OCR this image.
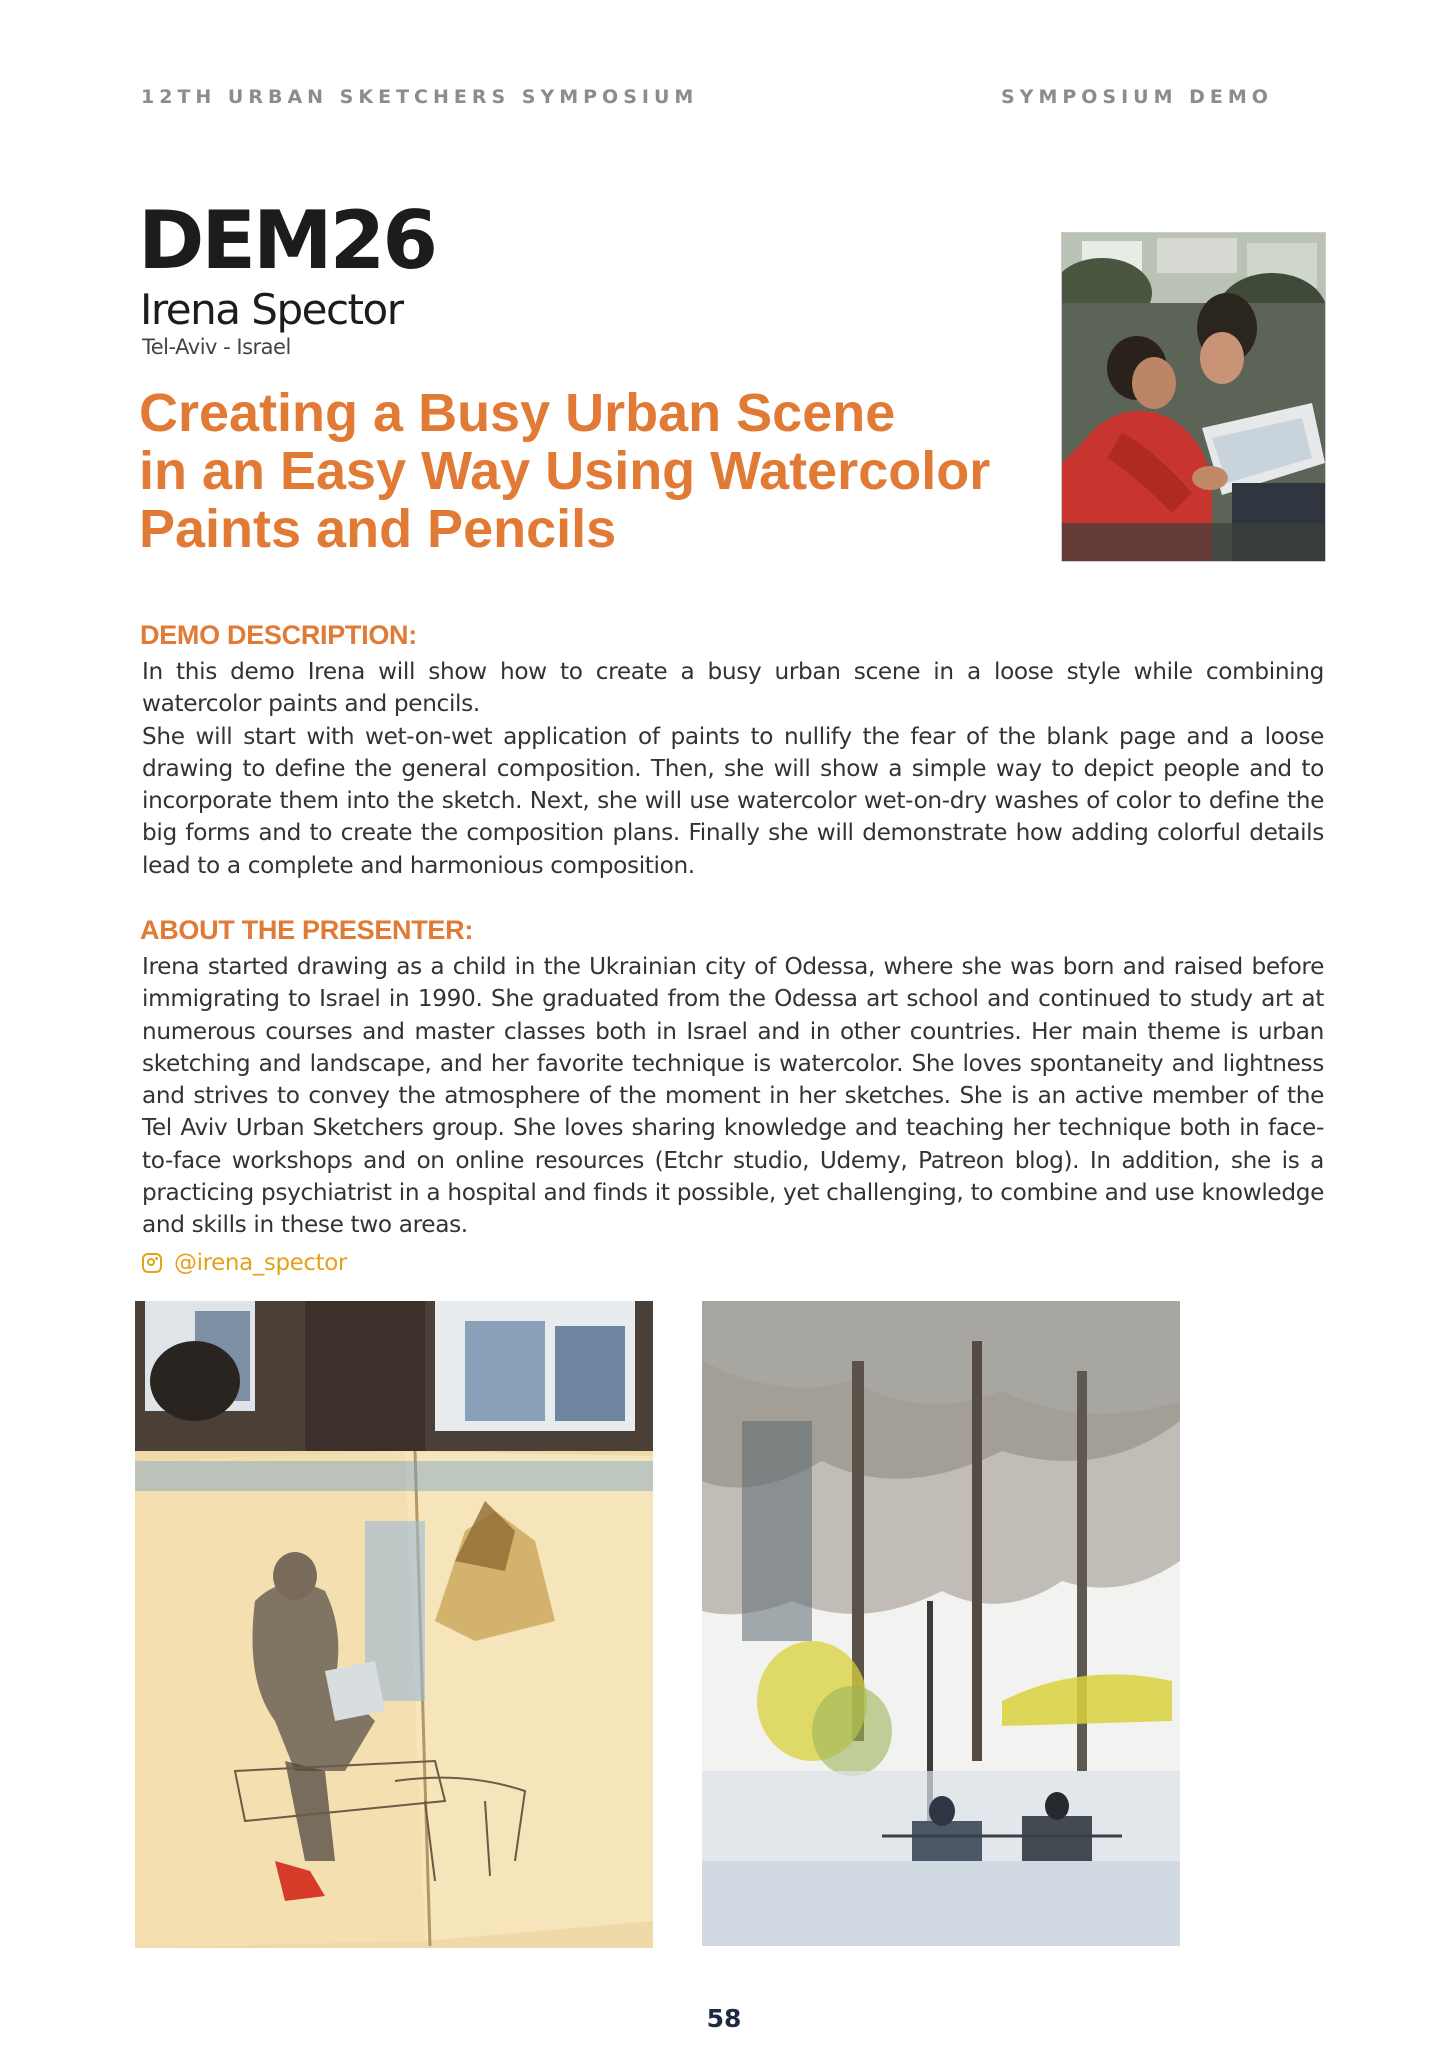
12TH URBAN SKETCHERS SYMPOSIUM	SYMPOSIUM DEMO
DEM26
Irena Spector
Tel-Aviv - Israel
Creating a Busy Urban Scene
in an Easy Way Using Watercolor
Paints and Pencils
DEMO DESCRIPTION:

In this demo Irena will show how to create a busy urban scene in a loose style while combining watercolor paints and pencils.

She will start with wet-on-wet application of paints to nullify the fear of the blank page and a loose drawing to define the general composition. Then, she will show a simple way to depict people and to incorporate them into the sketch. Next, she will use watercolor wet-on-dry washes of color to define the big forms and to create the composition plans. Finally she will demonstrate how adding colorful details lead to a complete and harmonious composition.

ABOUT THE PRESENTER:

Irena started drawing as a child in the Ukrainian city of Odessa, where she was born and raised before immigrating to Israel in 1990. She graduated from the Odessa art school and continued to study art at numerous courses and master classes both in Israel and in other countries. Her main theme is urban sketching and landscape, and her favorite technique is watercolor. She loves spontaneity and lightness and strives to convey the atmosphere of the moment in her sketches. She is an active member of the Tel Aviv Urban Sketchers group. She loves sharing knowledge and teaching her technique both in face-to-face workshops and on online resources (Etchr studio, Udemy, Patreon blog). In addition, she is a practicing psychiatrist in a hospital and finds it possible, yet challenging, to combine and use knowledge and skills in these two areas.

@irena_spector
58
